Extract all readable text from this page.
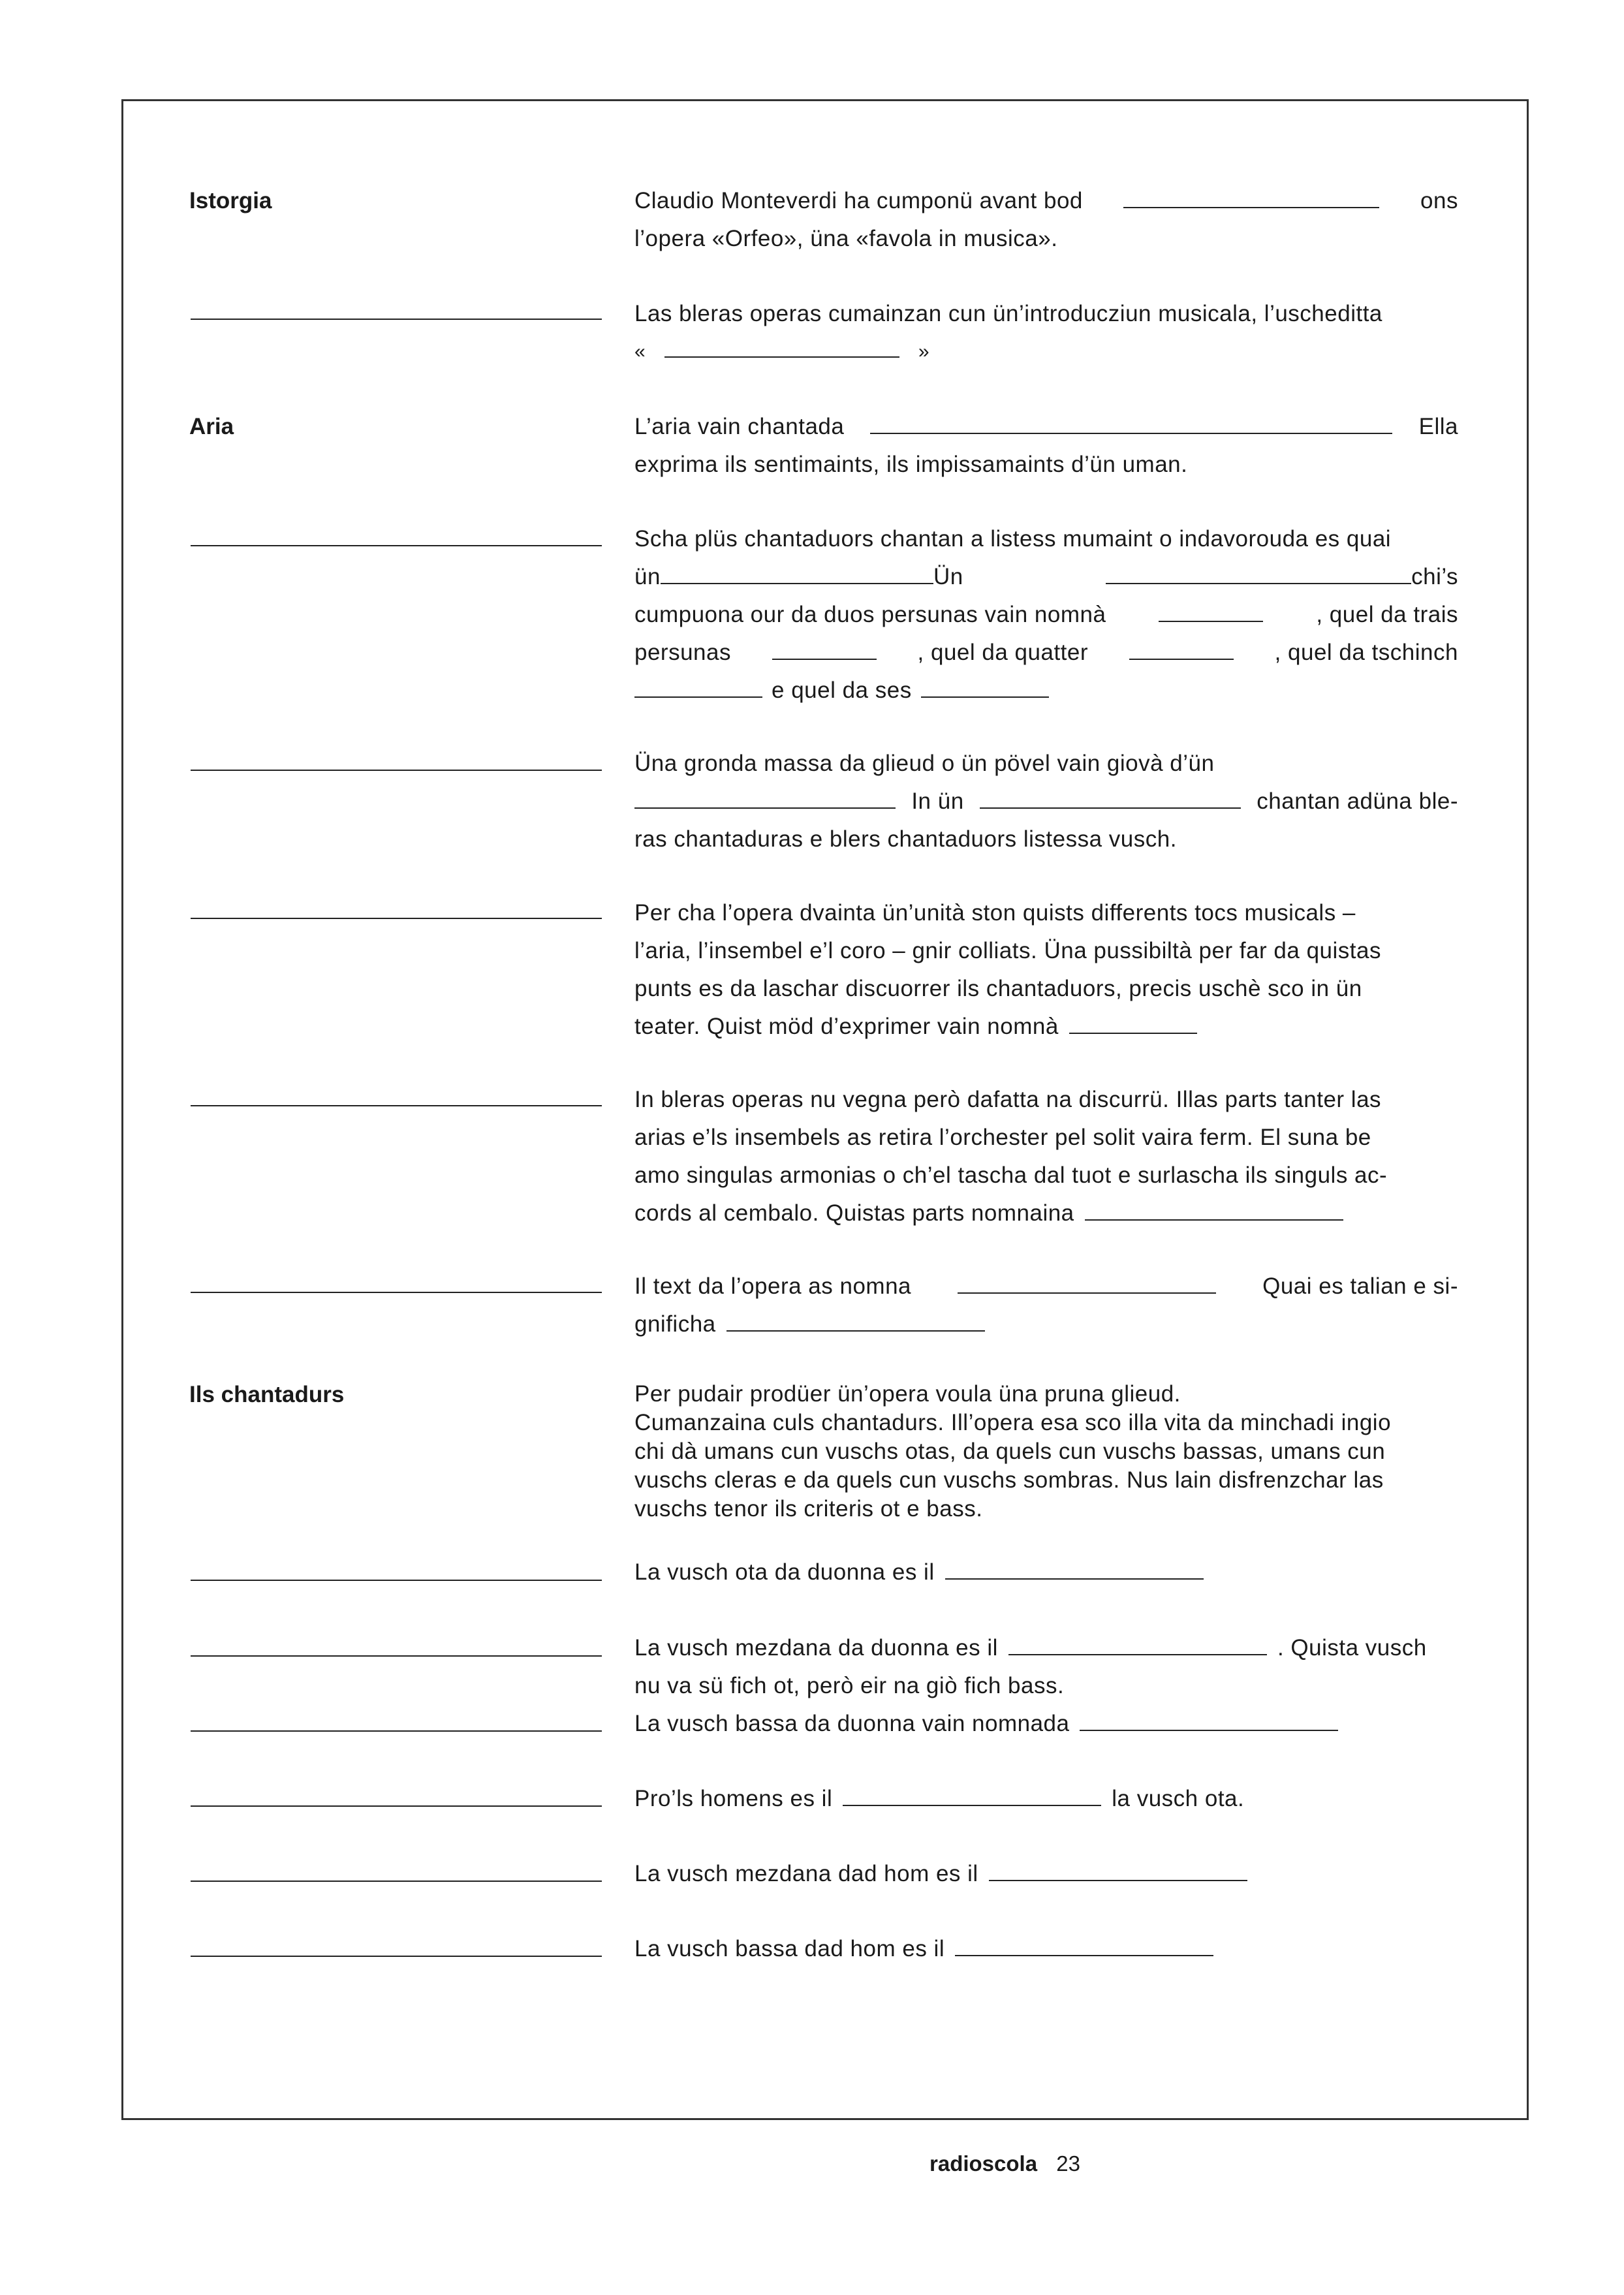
Istorgia	Claudio Monteverdi ha cumponü avant bod	ons
l’opera «Orfeo», üna «favola in musica».
Las bleras operas cumainzan cun ün’introducziun musicala, l’uscheditta
«	»
Aria	L’aria vain chantada	Ella
exprima ils sentimaints, ils impissamaints d’ün uman.
Scha plüs chantaduors chantan a listess mumaint o indavorouda es quai
ün	Ün	chi’s
cumpuona our da duos persunas vain nomnà	, quel da trais
persunas	, quel da quatter	, quel da tschinch
e quel da ses
Üna gronda massa da glieud o ün pövel vain giovà d’ün
In ün	chantan adüna ble-
ras chantaduras e blers chantaduors listessa vusch.
Per cha l’opera dvainta ün’unità ston quists differents tocs musicals –
l’aria, l’insembel e’l coro – gnir colliats. Üna pussibiltà per far da quistas
punts es da laschar discuorrer ils chantaduors, precis uschè sco in ün
teater. Quist möd d’exprimer vain nomnà
In bleras operas nu vegna però dafatta na discurrü. Illas parts tanter las
arias e’ls insembels as retira l’orchester pel solit vaira ferm. El suna be
amo singulas armonias o ch’el tascha dal tuot e surlascha ils singuls ac-
cords al cembalo. Quistas parts nomnaina
Il text da l’opera as nomna	Quai es talian e si-
gnificha
Ils chantadurs	Per pudair prodüer ün’opera voula üna pruna glieud.
Cumanzaina culs chantadurs. Ill’opera esa sco illa vita da minchadi ingio
chi dà umans cun vuschs otas, da quels cun vuschs bassas, umans cun
vuschs cleras e da quels cun vuschs sombras. Nus lain disfrenzchar las
vuschs tenor ils criteris ot e bass.
La vusch ota da duonna es il
La vusch mezdana da duonna es il	. Quista vusch
nu va sü fich ot, però eir na giò fich bass.
La vusch bassa da duonna vain nomnada
Pro’ls homens es il	la vusch ota.
La vusch mezdana dad hom es il
La vusch bassa dad hom es il
radioscola 23
